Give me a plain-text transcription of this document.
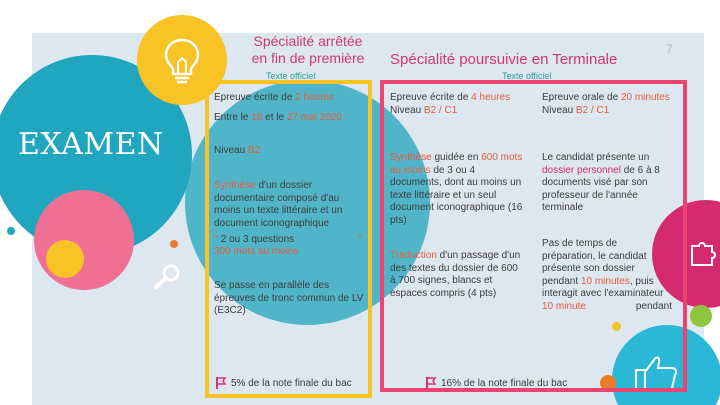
Spécialité arrêtée
en fin de première	Spécialité poursuivie en Terminale
7
Texte officiel	Texte officiel
EXAMEN
Epreuve écrite de 2 heures
Entre le 18 et le 27 mai 2020
Niveau B2
Synthèse d'un dossier documentaire composé d'au moins un texte littéraire et un document iconographique
° 2 ou 3 questions	°
300 mots au moins
Se passe en parallèle des épreuves de tronc commun de LV (E3C2)
Epreuve écrite de 4 heures
Niveau B2 / C1
Synthèse guidée en 600 mots au moins de 3 ou 4 documents, dont au moins un texte littéraire et un seul document iconographique (16 pts)
Traduction d'un passage d'un des textes du dossier de 600 à 700 signes, blancs et espaces compris (4 pts)
Epreuve orale de 20 minutes
Niveau B2 / C1
Le candidat présente un dossier personnel de 6 à 8 documents visé par son professeur de l'année terminale
Pas de temps de préparation, le candidat présente son dossier pendant 10 minutes, puis interagit avec l'examinateur
pendant

10 minute
5% de la note finale du bac	16% de la note finale du bac
